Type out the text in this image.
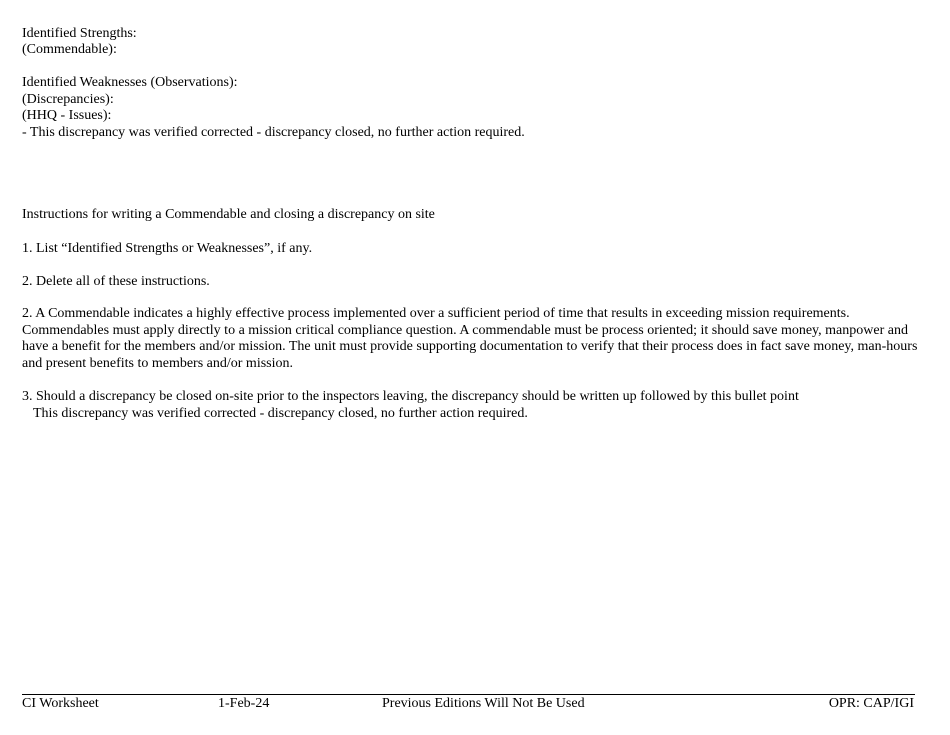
Identified Strengths:
(Commendable):
Identified Weaknesses (Observations):
(Discrepancies):
(HHQ - Issues):
- This discrepancy was verified corrected - discrepancy closed, no further action required.
Instructions for writing a Commendable and closing a discrepancy on site
1. List “Identified Strengths or Weaknesses”, if any.
2. Delete all of these instructions.
2. A Commendable indicates a highly effective process implemented over a sufficient period of time that results in exceeding mission requirements. Commendables must apply directly to a mission critical compliance question. A commendable must be process oriented; it should save money, manpower and have a benefit for the members and/or mission. The unit must provide supporting documentation to verify that their process does in fact save money, man-hours and present benefits to members and/or mission.
3. Should a discrepancy be closed on-site prior to the inspectors leaving, the discrepancy should be written up followed by this bullet point
This discrepancy was verified corrected - discrepancy closed, no further action required.
CI Worksheet	1-Feb-24	Previous Editions Will Not Be Used	OPR: CAP/IGI
